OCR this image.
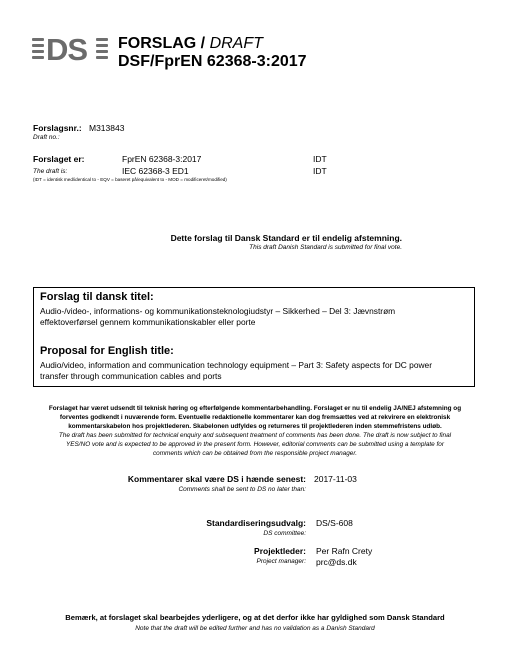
DS FORSLAG / DRAFT
DSF/FprEN 62368-3:2017
Forslagsnr.: M313843
Draft no.:
Forslaget er:	FprEN 62368-3:2017	IDT
The draft is:	IEC 62368-3 ED1	IDT
(IDT = identisk med/identical to - EQV = baseret på/equivalent to - MOD = modificeret/modified)
Dette forslag til Dansk Standard er til endelig afstemning.
This draft Danish Standard is submitted for final vote.
Forslag til dansk titel:
Audio-/video-, informations- og kommunikationsteknologiudstyr – Sikkerhed – Del 3: Jævnstrøm
effektoverførsel gennem kommunikationskabler eller porte
Proposal for English title:
Audio/video, information and communication technology equipment – Part 3: Safety aspects for DC power
transfer through communication cables and ports
Forslaget har været udsendt til teknisk høring og efterfølgende kommentarbehandling. Forslaget er nu til endelig JA/NEJ afstemning og
forventes godkendt i nuværende form. Eventuelle redaktionelle kommentarer kan dog fremsættes ved at rekvirere en elektronisk
kommentarskabelon hos projektlederen. Skabelonen udfyldes og returneres til projektlederen inden stemmefristens udløb.
The draft has been submitted for technical enquiry and subsequent treatment of comments has been done. The draft is now subject to final
YES/NO vote and is expected to be approved in the present form. However, editorial comments can be submitted using a template for
comments which can be obtained from the responsible project manager.
Kommentarer skal være DS i hænde senest:
Comments shall be sent to DS no later than:
2017-11-03
Standardiseringsudvalg:
DS committee:
DS/S-608
Projektleder:
Project manager:
Per Rafn Crety
prc@ds.dk
Bemærk, at forslaget skal bearbejdes yderligere, og at det derfor ikke har gyldighed som Dansk Standard
Note that the draft will be edited further and has no validation as a Danish Standard
